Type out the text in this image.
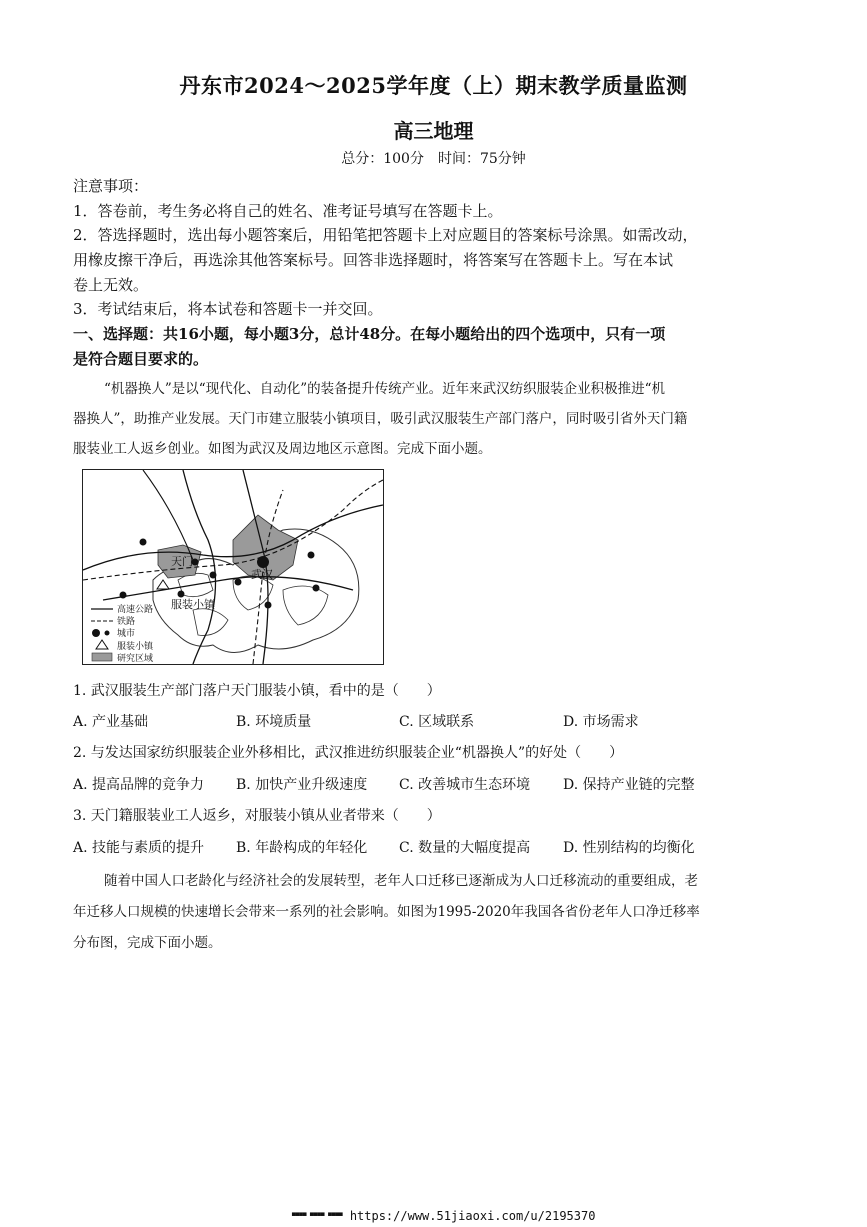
丹东市2024～2025学年度（上）期末教学质量监测
高三地理
总分：100分　时间：75分钟
注意事项：
1．答卷前，考生务必将自己的姓名、准考证号填写在答题卡上。
2．答选择题时，选出每小题答案后，用铅笔把答题卡上对应题目的答案标号涂黑。如需改动，
用橡皮擦干净后，再选涂其他答案标号。回答非选择题时，将答案写在答题卡上。写在本试
卷上无效。
3．考试结束后，将本试卷和答题卡一并交回。
一、选择题：共16小题，每小题3分，总计48分。在每小题给出的四个选项中，只有一项
是符合题目要求的。
“机器换人”是以“现代化、自动化”的装备提升传统产业。近年来武汉纺织服装企业积极推进“机
器换人”，助推产业发展。天门市建立服装小镇项目，吸引武汉服装生产部门落户，同时吸引省外天门籍
服装业工人返乡创业。如图为武汉及周边地区示意图。完成下面小题。
天门
武汉
服装小镇
高速公路
铁路
城市
服装小镇
研究区域
1. 武汉服装生产部门落户天门服装小镇，看中的是（　　）
A. 产业基础	B. 环境质量	C. 区域联系	D. 市场需求
2. 与发达国家纺织服装企业外移相比，武汉推进纺织服装企业“机器换人”的好处（　　）
A. 提高品牌的竞争力 B. 加快产业升级速度 C. 改善城市生态环境 D. 保持产业链的完整
3. 天门籍服装业工人返乡，对服装小镇从业者带来（　　）
A. 技能与素质的提升 B. 年龄构成的年轻化 C. 数量的大幅度提高 D. 性别结构的均衡化
随着中国人口老龄化与经济社会的发展转型，老年人口迁移已逐渐成为人口迁移流动的重要组成，老
年迁移人口规模的快速增长会带来一系列的社会影响。如图为1995-2020年我国各省份老年人口净迁移率
分布图，完成下面小题。
▀▀▀▀ ▀▀▀▀ ▀▀▀▀ https://www.51jiaoxi.com/u/2195370
